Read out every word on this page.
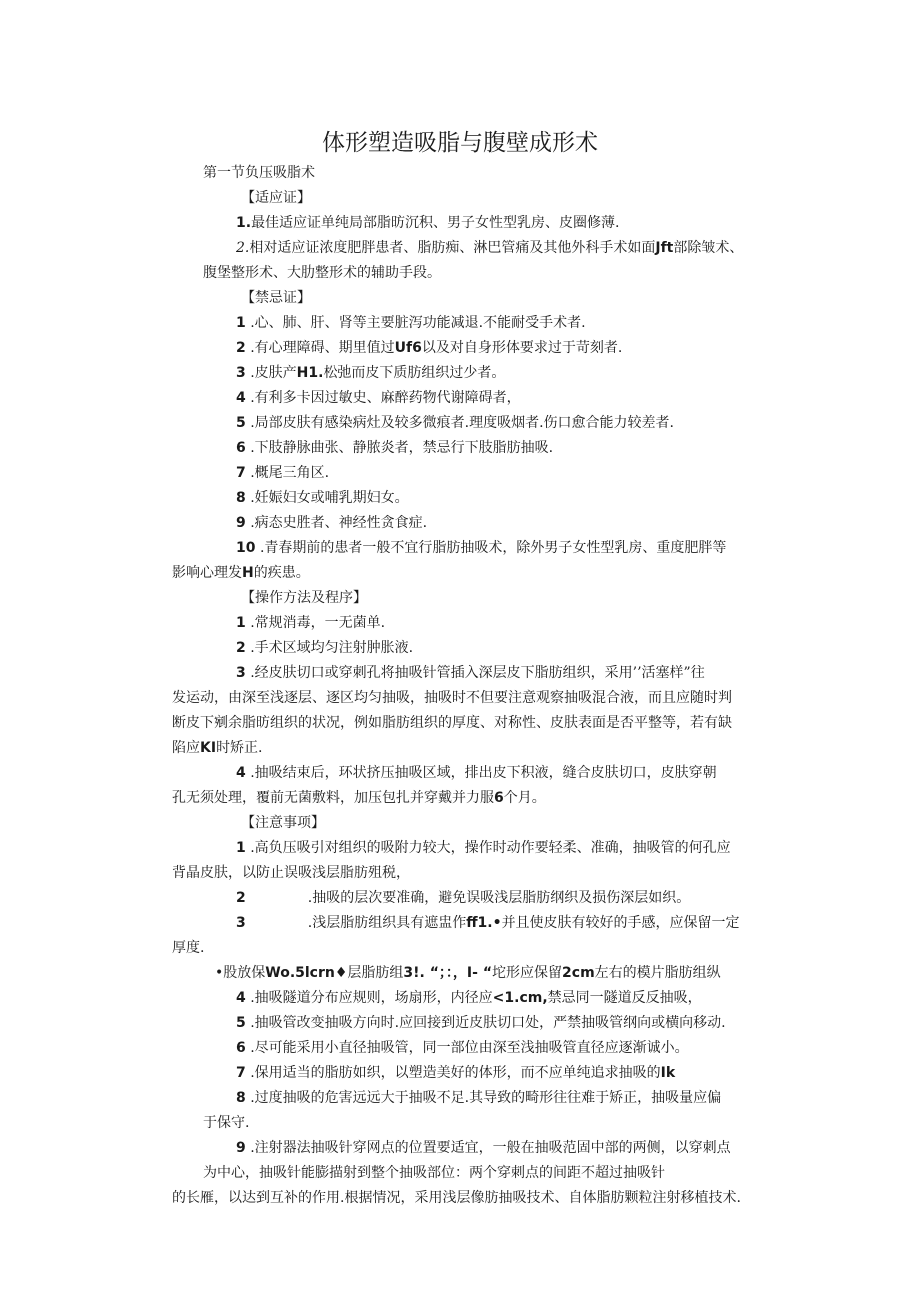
体形塑造吸脂与腹壁成形术
第一节负压吸脂术
【适应证】
1.最佳适应证单纯局部脂昉沉积、男子女性型乳房、皮圈修薄.
2.相对适应证浓度肥胖患者、脂肪痴、淋巴管痛及其他外科手术如面Jft部除皱术、
腹堡整形术、大肋整形术的辅助手段。
【禁忌证】
1 .心、肺、肝、肾等主要脏泻功能减退.不能耐受手术者.
2 .有心理障碍、期里值过Uf6以及对自身形体要求过于苛刻者.
3 .皮肤产H1.松弛而皮下质肪组织过少者。
4 .有利多卡因过敏史、麻醉药物代谢障碍者，
5 .局部皮肤有感染病灶及较多微痕者.理度吸烟者.伤口愈合能力较差者.
6 .下肢静脉曲张、静脓炎者，禁忌行下肢脂肪抽吸.
7 .概尾三角区.
8 .妊娠妇女或哺乳期妇女。
9 .病态史胜者、神经性贪食症.
10 .青春期前的患者一般不宜行脂肪抽吸术，除外男子女性型乳房、重度肥胖等
影响心理发H的疾患。
【操作方法及程序】
1 .常规消毒，一无菌单.
2 .手术区域均匀注射肿胀液.
3 .经皮肤切口或穿刺孔将抽吸针管插入深层皮下脂肪组织，采用’’活塞样”往
发运动，由深至浅逐层、逐区均匀抽吸，抽吸时不但要注意观察抽吸混合液，而且应随时判
断皮下剜余脂昉组织的状况，例如脂肪组织的厚度、对称性、皮肤表面是否平整等，若有缺
陷应KI时矫正.
4 .抽吸结束后，环状挤压抽吸区域，排出皮下积液，缝合皮肤切口，皮肤穿朝
孔无须处理，覆前无菌敷料，加压包扎并穿戴并力服6个月。
【注意事项】
1 .高负压吸引对组织的吸附力较大，操作时动作要轻柔、准确，抽吸管的何孔应
背晶皮肤，以防止误吸浅层脂肪殂税，
2	.抽吸的层次要准确，避免误吸浅层脂肪纲织及损伤深层如织。
3	.浅层脂肪组织具有遮盅作ff1.•并且使皮肤有较好的手感，应保留一定
厚度.
•股放保Wo.5lcrn♦层脂肪组3!. “；：，I- “坨形应保留2cm左右的模片脂肪组纵
4 .抽吸隧道分布应规则，场扇形，内径应<1.cm,禁忌同一隧道反反抽吸，
5 .抽吸管改变抽吸方向时.应回接到近皮肤切口处，严禁抽吸管纲向或横向移动.
6 .尽可能采用小直径抽吸管，同一部位由深至浅抽吸管直径应逐渐诚小。
7 .保用适当的脂肪如织，以塑造美好的体形，而不应单纯追求抽吸的Ik
8 .过度抽吸的危害远远大于抽吸不足.其导致的畸形往往难于矫正，抽吸量应偏
于保守.
9 .注射器法抽吸针穿网点的位置要适宜，一般在抽吸范固中部的两侧，以穿刺点
为中心，抽吸针能膨描射到整个抽吸部位：两个穿刺点的间距不超过抽吸针
的长雁，以达到互补的作用.根据情况，采用浅层像肪抽吸技术、自体脂肪颗粒注射移植技术.
